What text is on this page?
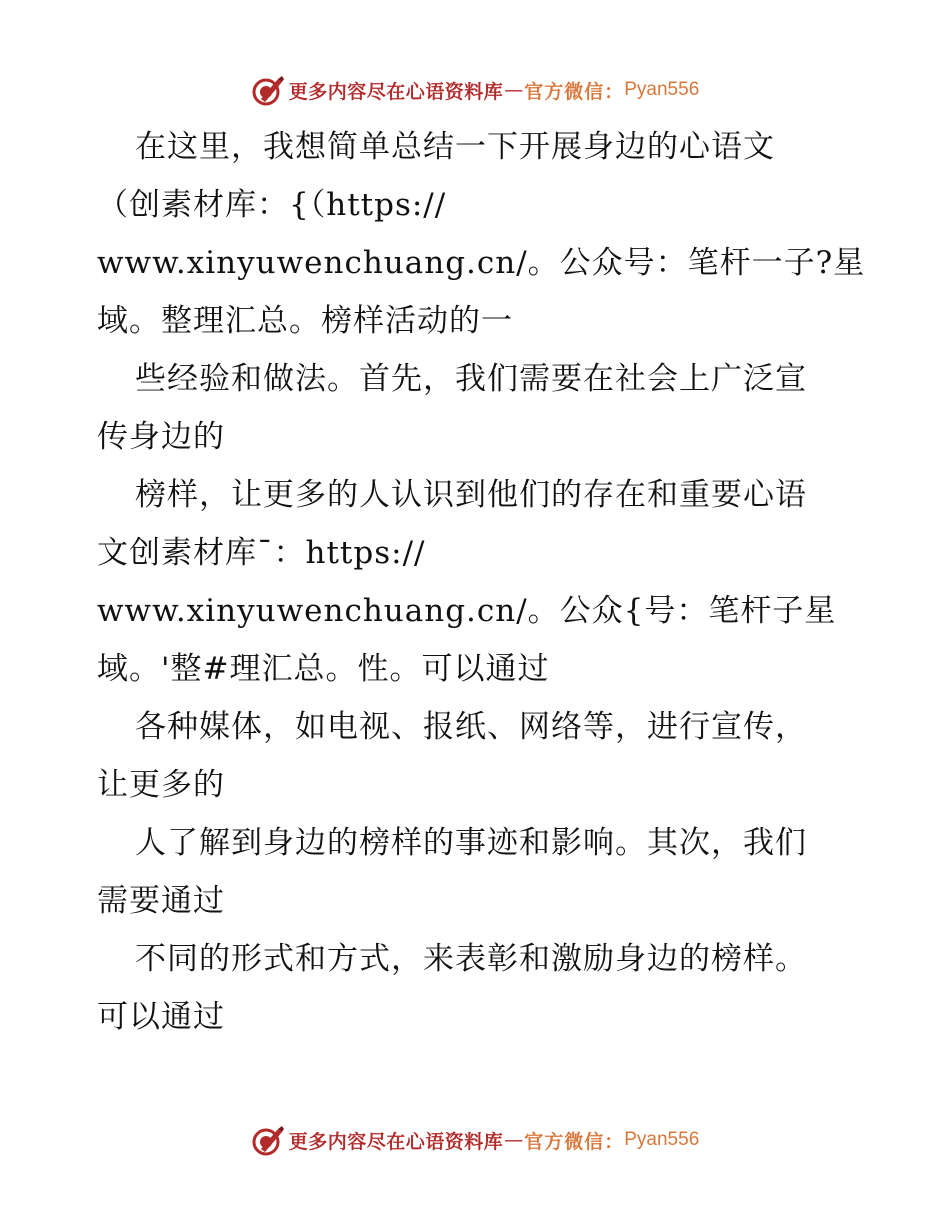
更多内容尽在心语资料库 — 官方微信： Pyan556
在这里，我想简单总结一下开展身边的心语文
（创素材库：{（https://
www.xinyuwenchuang.cn/。公众号：笔杆一子?星
域。整理汇总。榜样活动的一
些经验和做法。首先，我们需要在社会上广泛宣
传身边的
榜样，让更多的人认识到他们的存在和重要心语
文创素材库¯：https://
www.xinyuwenchuang.cn/。公众{号：笔杆子星
域。'整#理汇总。性。可以通过
各种媒体，如电视、报纸、网络等，进行宣传，
让更多的
人了解到身边的榜样的事迹和影响。其次，我们
需要通过
不同的形式和方式，来表彰和激励身边的榜样。
可以通过
更多内容尽在心语资料库 — 官方微信： Pyan556
